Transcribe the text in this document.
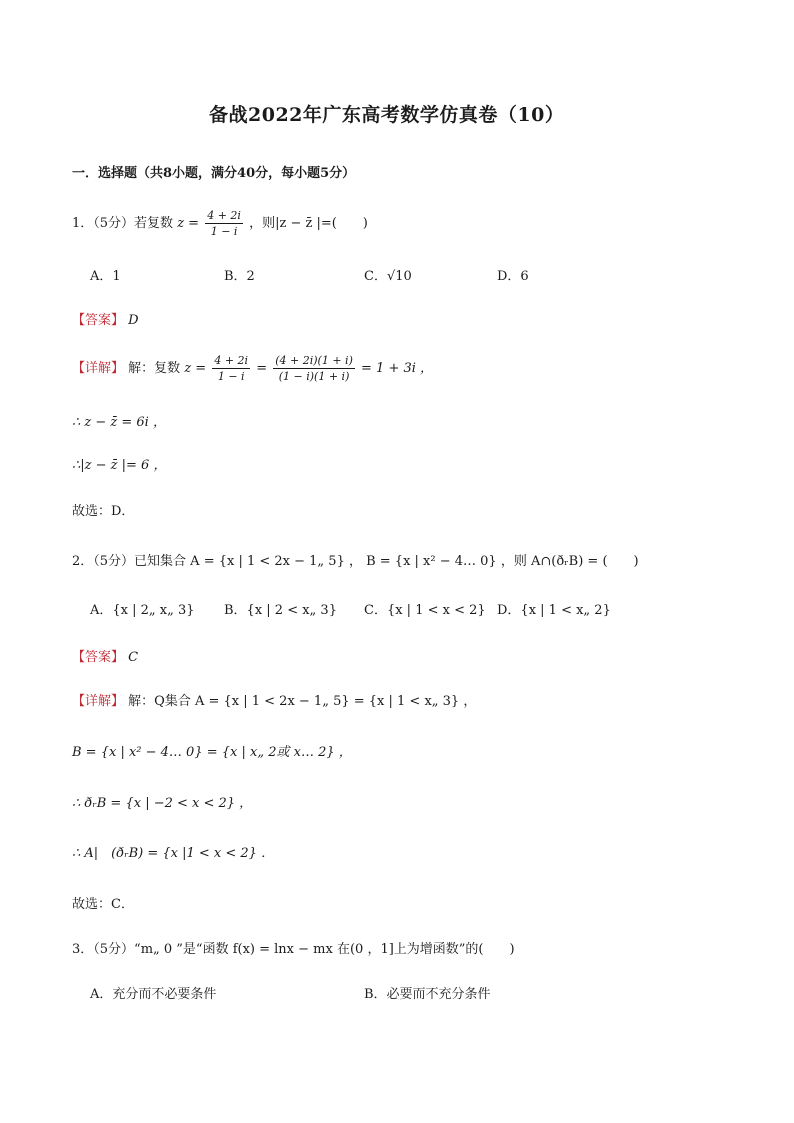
备战2022年广东高考数学仿真卷（10）
一．选择题（共8小题，满分40分，每小题5分）
1．（5分）若复数 $z = \frac{4 + 2i}{1 - i}$ ，则|z − z̄ |=(　　)
A．1	B．2	C．√10	D．6
【答案】 D
【详解】 解：复数 $z = \frac{4 + 2i}{1 - i} = \frac{(4 + 2i)(1 + i)}{(1 - i)(1 + i)} = 1 + 3i$ ，
∴ z − z̄ = 6i ，
∴|z − z̄ |= 6 ，
故选：D．
2．（5分）已知集合 A = {x | 1 < 2x − 1„ 5} ， B = {x | x² − 4… 0} ，则 A∩(ðᵣB) = (　　)
A．{x | 2„ x„ 3} B．{x | 2 < x„ 3} C．{x | 1 < x < 2} D．{x | 1 < x„ 2}
【答案】 C
【详解】 解：Q集合 A = {x | 1 < 2x − 1„ 5} = {x | 1 < x„ 3} ，
B = {x | x² − 4… 0} = {x | x„ 2或 x… 2} ，
∴ ðᵣB = {x | −2 < x < 2} ，
∴ A|　(ðᵣB) = {x |1 < x < 2} ．
故选：C．
3．（5分）“m„ 0 ”是“函数 f(x) = lnx − mx 在(0 ，1]上为增函数”的(　　)
A．充分而不必要条件	B．必要而不充分条件
